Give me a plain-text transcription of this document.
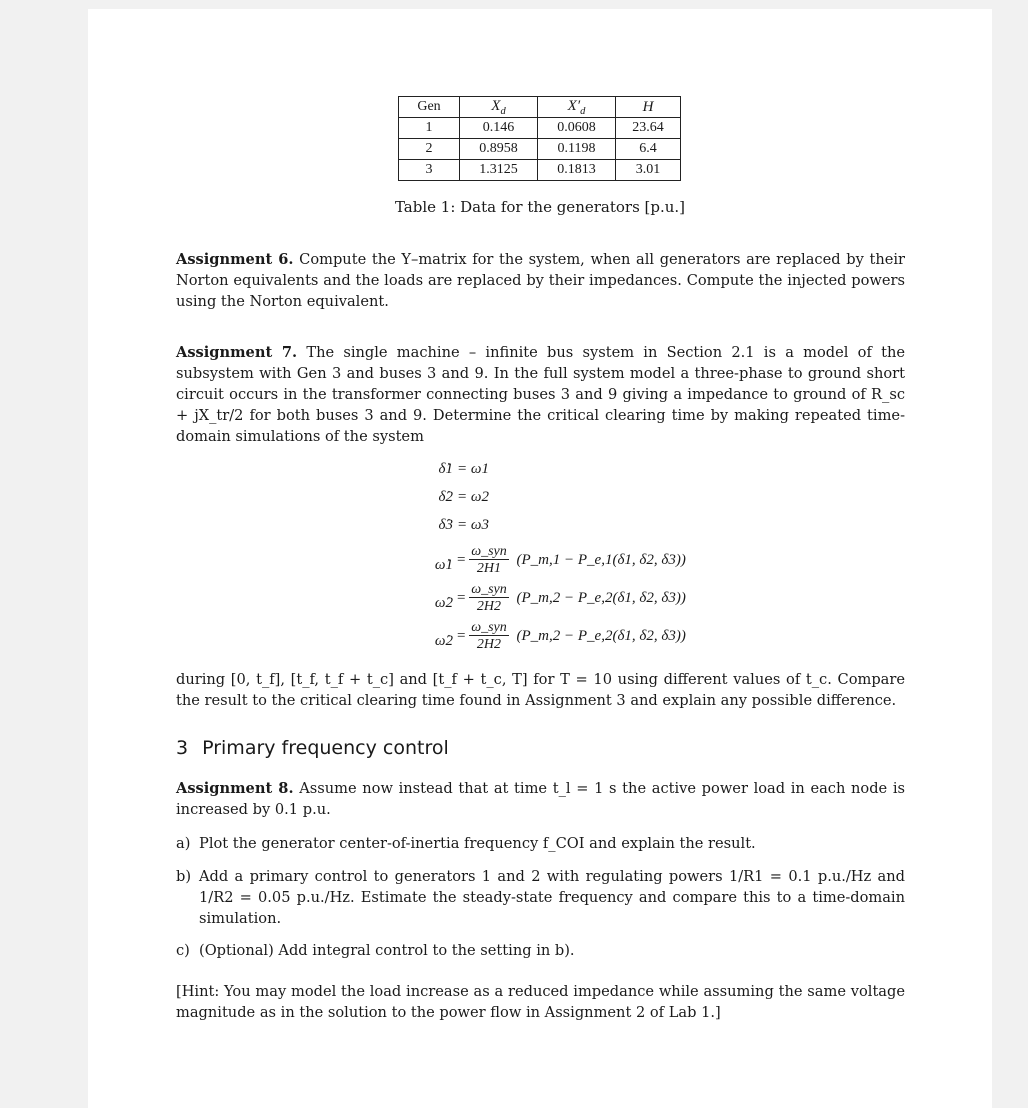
Gen	$X_d$	$X'_d$	H
1	0.146	0.0608	23.64
2	0.8958	0.1198	6.4
3	1.3125	0.1813	3.01
Table 1: Data for the generators [p.u.]
Assignment 6. Compute the Y–matrix for the system, when all generators are replaced by their Norton equivalents and the loads are replaced by their impedances. Compute the injected powers using the Norton equivalent.
Assignment 7. The single machine – infinite bus system in Section 2.1 is a model of the subsystem with Gen 3 and buses 3 and 9. In the full system model a three-phase to ground short circuit occurs in the transformer connecting buses 3 and 9 giving a impedance to ground of R_sc + jX_tr/2 for both buses 3 and 9. Determine the critical clearing time by making repeated time-domain simulations of the system
δ̇1 = ω1
δ̇2 = ω2
δ̇3 = ω3
ω̇1 = $\frac{\text{ω\_syn}}{2H1}$ (P_m,1 − P_e,1(δ1, δ2, δ3))
ω̇2 = $\frac{\text{ω\_syn}}{2H2}$ (P_m,2 − P_e,2(δ1, δ2, δ3))
ω̇2 = $\frac{\text{ω\_syn}}{2H2}$ (P_m,2 − P_e,2(δ1, δ2, δ3))
during [0, t_f], [t_f, t_f + t_c] and [t_f + t_c, T] for T = 10 using different values of t_c. Compare the result to the critical clearing time found in Assignment 3 and explain any possible difference.
3 Primary frequency control
Assignment 8. Assume now instead that at time t_l = 1 s the active power load in each node is increased by 0.1 p.u.
a) Plot the generator center-of-inertia frequency f_COI and explain the result.
b) Add a primary control to generators 1 and 2 with regulating powers 1/R1 = 0.1 p.u./Hz and 1/R2 = 0.05 p.u./Hz. Estimate the steady-state frequency and compare this to a time-domain simulation.
c) (Optional) Add integral control to the setting in b).
[Hint: You may model the load increase as a reduced impedance while assuming the same voltage magnitude as in the solution to the power flow in Assignment 2 of Lab 1.]
